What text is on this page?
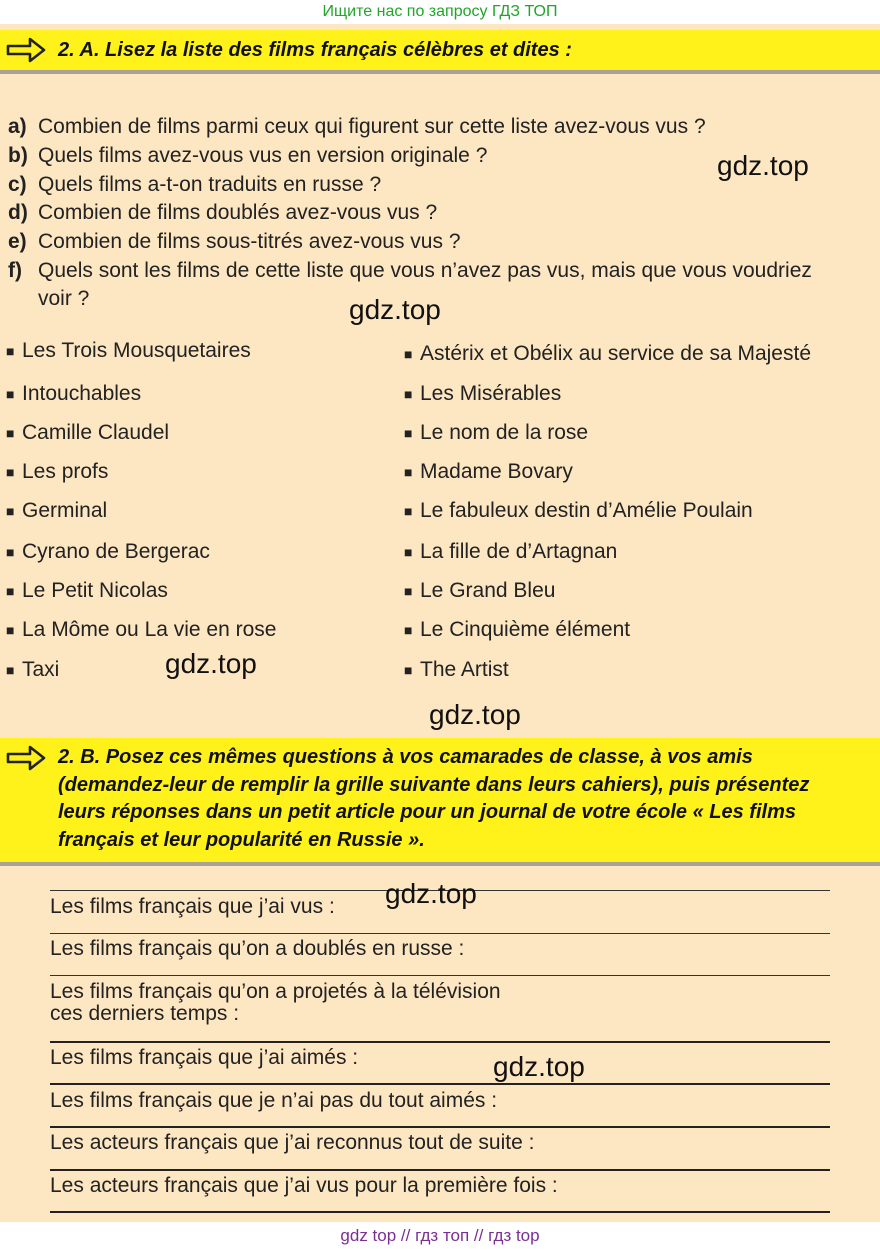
Ищите нас по запросу ГДЗ ТОП
2. A. Lisez la liste des films français célèbres et dites :
a) Combien de films parmi ceux qui figurent sur cette liste avez-vous vus ?
b) Quels films avez-vous vus en version originale ?
c) Quels films a-t-on traduits en russe ?
d) Combien de films doublés avez-vous vus ?
e) Combien de films sous-titrés avez-vous vus ?
f) Quels sont les films de cette liste que vous n’avez pas vus, mais que vous voudriez voir ?
■ Les Trois Mousquetaires
■ Intouchables
■ Camille Claudel
■ Les profs
■ Germinal
■ Cyrano de Bergerac
■ Le Petit Nicolas
■ La Môme ou La vie en rose
■ Taxi
■ Astérix et Obélix au service de sa Majesté
■ Les Misérables
■ Le nom de la rose
■ Madame Bovary
■ Le fabuleux destin d’Amélie Poulain
■ La fille de d’Artagnan
■ Le Grand Bleu
■ Le Cinquième élément
■ The Artist
2. B. Posez ces mêmes questions à vos camarades de classe, à vos amis (demandez-leur de remplir la grille suivante dans leurs cahiers), puis présentez leurs réponses dans un petit article pour un journal de votre école « Les films français et leur popularité en Russie ».
Les films français que j’ai vus :
Les films français qu’on a doublés en russe :
Les films français qu’on a projetés à la télévision
ces derniers temps :
Les films français que j’ai aimés :
Les films français que je n’ai pas du tout aimés :
Les acteurs français que j’ai reconnus tout de suite :
Les acteurs français que j’ai vus pour la première fois :
gdz.top
gdz.top
gdz.top
gdz.top
gdz.top
gdz.top
gdz top // гдз топ // гдз top
